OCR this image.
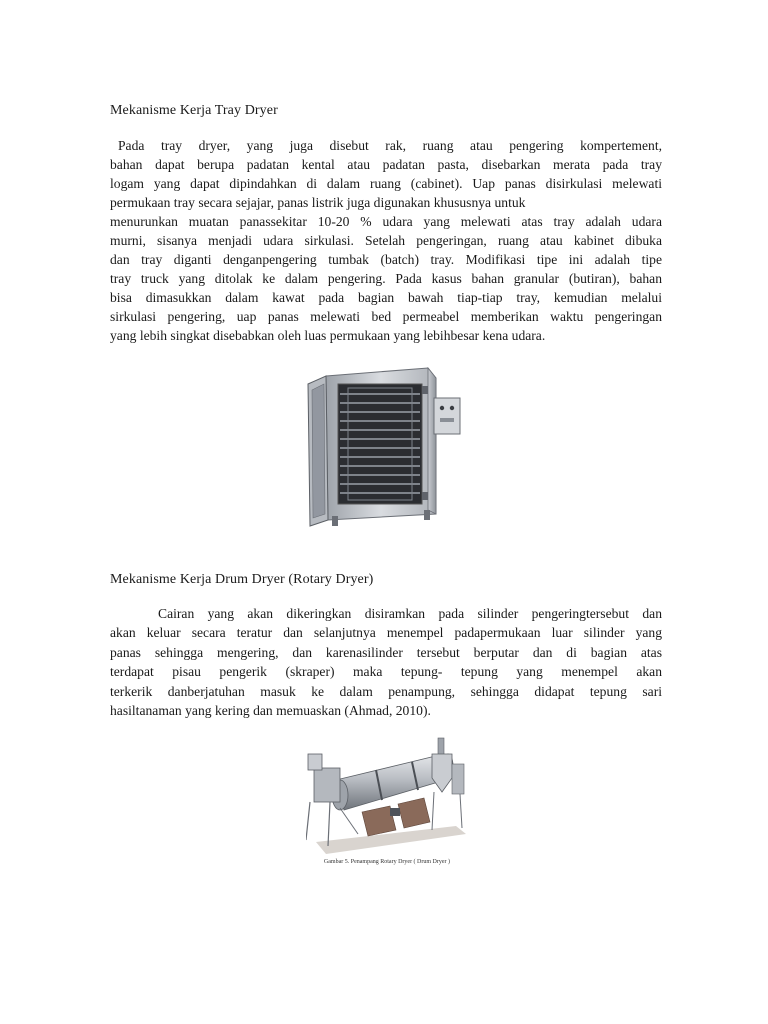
Mekanisme Kerja Tray Dryer
Pada tray dryer, yang juga disebut rak, ruang atau pengering kompertement,
bahan dapat berupa padatan kental atau padatan pasta, disebarkan merata pada tray
logam yang dapat dipindahkan di dalam ruang (cabinet). Uap panas disirkulasi melewati
permukaan tray secara sejajar, panas listrik juga digunakan khususnya untuk
menurunkan muatan panassekitar 10-20 % udara yang melewati atas tray adalah udara
murni, sisanya menjadi udara sirkulasi. Setelah pengeringan, ruang atau kabinet dibuka
dan tray diganti denganpengering tumbak (batch) tray. Modifikasi tipe ini adalah tipe
tray truck yang ditolak ke dalam pengering. Pada kasus bahan granular (butiran), bahan
bisa dimasukkan dalam kawat pada bagian bawah tiap-tiap tray, kemudian melalui
sirkulasi pengering, uap panas melewati bed permeabel memberikan waktu pengeringan
yang lebih singkat disebabkan oleh luas permukaan yang lebihbesar kena udara.
Mekanisme Kerja Drum Dryer (Rotary Dryer)
Cairan yang akan dikeringkan disiramkan pada silinder pengeringtersebut dan
akan keluar secara teratur dan selanjutnya menempel padapermukaan luar silinder yang
panas sehingga mengering, dan karenasilinder tersebut berputar dan di bagian atas
terdapat pisau pengerik (skraper) maka tepung- tepung yang menempel akan
terkerik danberjatuhan masuk ke dalam penampung, sehingga didapat tepung sari
hasiltanaman yang kering dan memuaskan (Ahmad, 2010).
Gambar 5. Penampang Rotary Dryer ( Drum Dryer )
